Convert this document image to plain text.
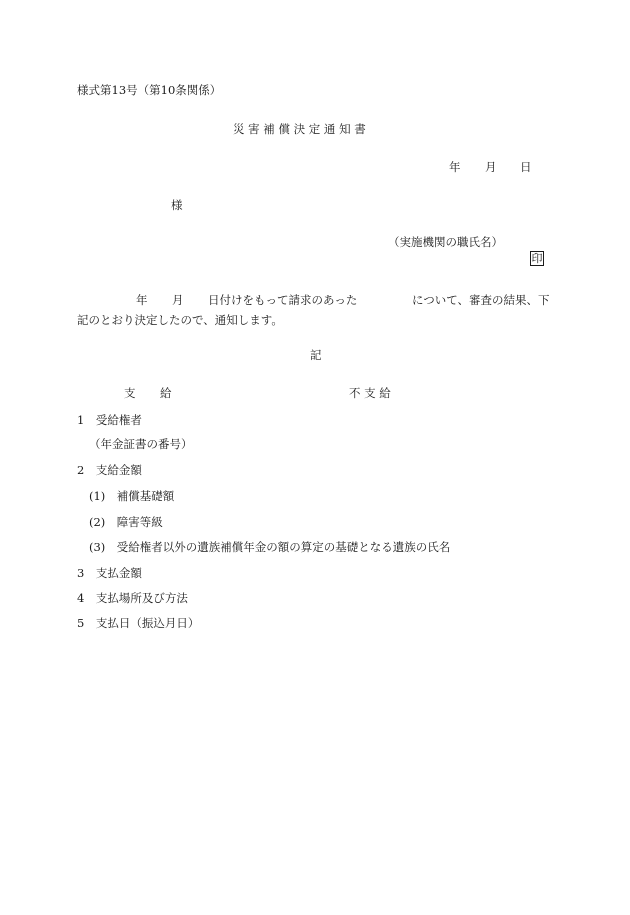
様式第13号（第10条関係）
災 害 補 償 決 定 通 知 書
年 月 日
様
（実施機関の職氏名）
印
年 月 日付けをもって請求のあった	について、審査の結果、下
記のとおり決定したので、通知します。
記
支 給	不 支 給
1　受給権者
（年金証書の番号）
2　支給金額
(1)　補償基礎額
(2)　障害等級
(3)　受給権者以外の遺族補償年金の額の算定の基礎となる遺族の氏名
3　支払金額
4　支払場所及び方法
5　支払日（振込月日）
